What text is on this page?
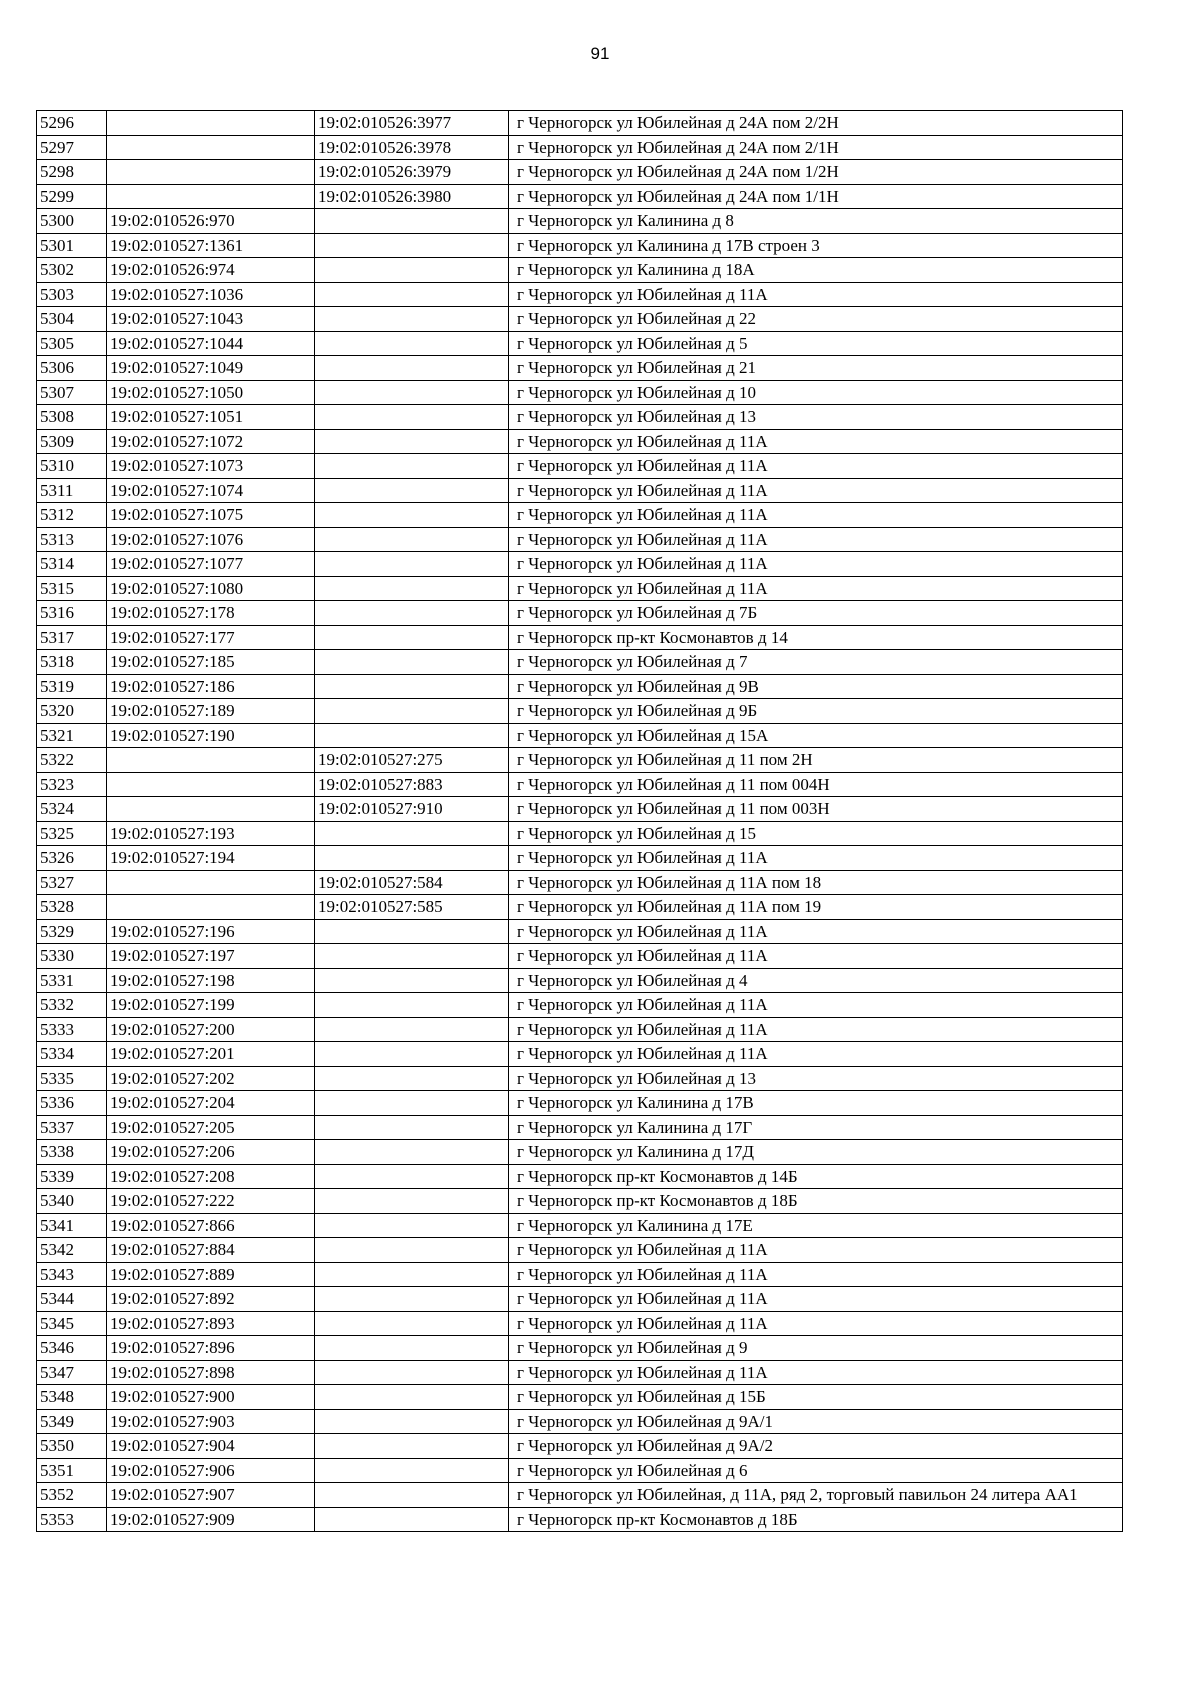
91
5296		19:02:010526:3977	г Черногорск ул Юбилейная д 24А пом 2/2Н
5297		19:02:010526:3978	г Черногорск ул Юбилейная д 24А пом 2/1Н
5298		19:02:010526:3979	г Черногорск ул Юбилейная д 24А пом 1/2Н
5299		19:02:010526:3980	г Черногорск ул Юбилейная д 24А пом 1/1Н
5300	19:02:010526:970		г Черногорск ул Калинина д 8
5301	19:02:010527:1361		г Черногорск ул Калинина д 17В строен 3
5302	19:02:010526:974		г Черногорск ул Калинина д 18А
5303	19:02:010527:1036		г Черногорск ул Юбилейная д 11А
5304	19:02:010527:1043		г Черногорск ул Юбилейная д 22
5305	19:02:010527:1044		г Черногорск ул Юбилейная д 5
5306	19:02:010527:1049		г Черногорск ул Юбилейная д 21
5307	19:02:010527:1050		г Черногорск ул Юбилейная д 10
5308	19:02:010527:1051		г Черногорск ул Юбилейная д 13
5309	19:02:010527:1072		г Черногорск ул Юбилейная д 11А
5310	19:02:010527:1073		г Черногорск ул Юбилейная д 11А
5311	19:02:010527:1074		г Черногорск ул Юбилейная д 11А
5312	19:02:010527:1075		г Черногорск ул Юбилейная д 11А
5313	19:02:010527:1076		г Черногорск ул Юбилейная д 11А
5314	19:02:010527:1077		г Черногорск ул Юбилейная д 11А
5315	19:02:010527:1080		г Черногорск ул Юбилейная д 11А
5316	19:02:010527:178		г Черногорск ул Юбилейная д 7Б
5317	19:02:010527:177		г Черногорск пр-кт Космонавтов д 14
5318	19:02:010527:185		г Черногорск ул Юбилейная д 7
5319	19:02:010527:186		г Черногорск ул Юбилейная д 9В
5320	19:02:010527:189		г Черногорск ул Юбилейная д 9Б
5321	19:02:010527:190		г Черногорск ул Юбилейная д 15А
5322		19:02:010527:275	г Черногорск ул Юбилейная д 11 пом 2Н
5323		19:02:010527:883	г Черногорск ул Юбилейная д 11 пом 004Н
5324		19:02:010527:910	г Черногорск ул Юбилейная д 11 пом 003Н
5325	19:02:010527:193		г Черногорск ул Юбилейная д 15
5326	19:02:010527:194		г Черногорск ул Юбилейная д 11А
5327		19:02:010527:584	г Черногорск ул Юбилейная д 11А пом 18
5328		19:02:010527:585	г Черногорск ул Юбилейная д 11А пом 19
5329	19:02:010527:196		г Черногорск ул Юбилейная д 11А
5330	19:02:010527:197		г Черногорск ул Юбилейная д 11А
5331	19:02:010527:198		г Черногорск ул Юбилейная д 4
5332	19:02:010527:199		г Черногорск ул Юбилейная д 11А
5333	19:02:010527:200		г Черногорск ул Юбилейная д 11А
5334	19:02:010527:201		г Черногорск ул Юбилейная д 11А
5335	19:02:010527:202		г Черногорск ул Юбилейная д 13
5336	19:02:010527:204		г Черногорск ул Калинина д 17В
5337	19:02:010527:205		г Черногорск ул Калинина д 17Г
5338	19:02:010527:206		г Черногорск ул Калинина д 17Д
5339	19:02:010527:208		г Черногорск пр-кт Космонавтов д 14Б
5340	19:02:010527:222		г Черногорск пр-кт Космонавтов д 18Б
5341	19:02:010527:866		г Черногорск ул Калинина д 17Е
5342	19:02:010527:884		г Черногорск ул Юбилейная д 11А
5343	19:02:010527:889		г Черногорск ул Юбилейная д 11А
5344	19:02:010527:892		г Черногорск ул Юбилейная д 11А
5345	19:02:010527:893		г Черногорск ул Юбилейная д 11А
5346	19:02:010527:896		г Черногорск ул Юбилейная д 9
5347	19:02:010527:898		г Черногорск ул Юбилейная д 11А
5348	19:02:010527:900		г Черногорск ул Юбилейная д 15Б
5349	19:02:010527:903		г Черногорск ул Юбилейная д 9А/1
5350	19:02:010527:904		г Черногорск ул Юбилейная д 9А/2
5351	19:02:010527:906		г Черногорск ул Юбилейная д 6
5352	19:02:010527:907		г Черногорск ул Юбилейная, д 11А, ряд 2, торговый павильон 24 литера АА1
5353	19:02:010527:909		г Черногорск пр-кт Космонавтов д 18Б
